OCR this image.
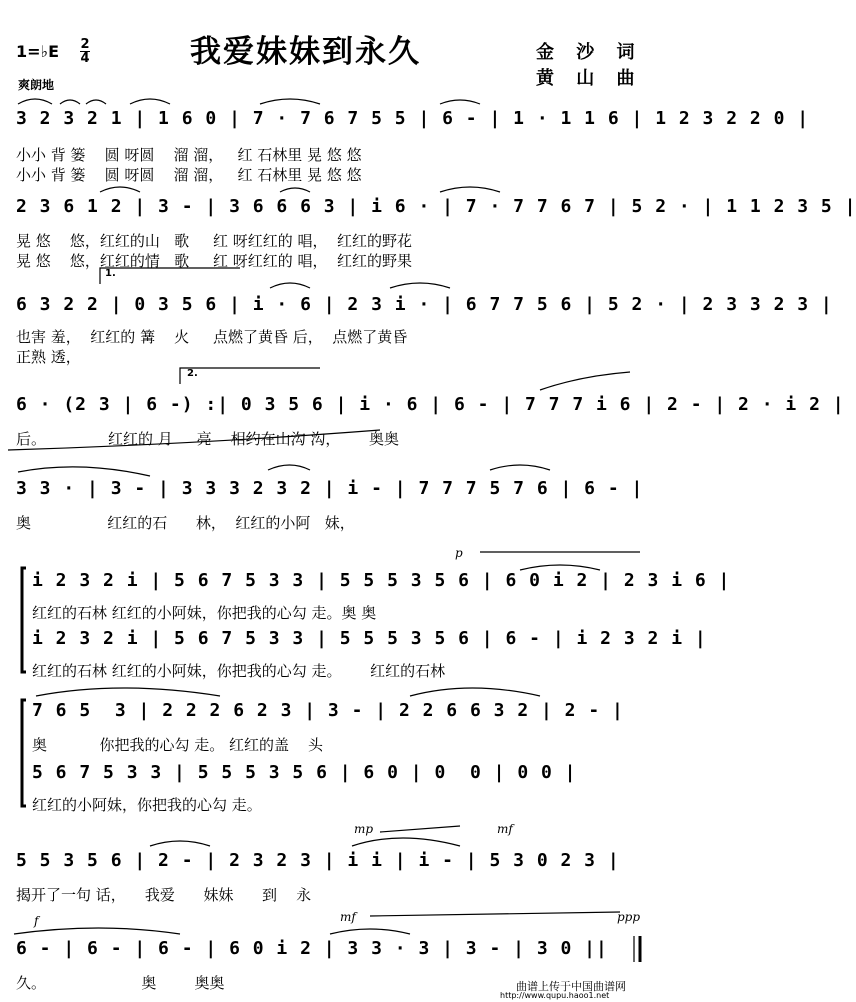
我爱妹妹到永久	金 沙 词
黄 山 曲
1=♭E 2
4
爽朗地
3 2 3 2 1 | 1 6 0 | 7 · 7 6 7 5 5 | 6 - | 1 · 1 1 6 | 1 2 3 2 2 0 |
小小 背 篓    圆 呀圆    溜 溜，   红 石林里 晃 悠 悠
小小 背 篓    圆 呀圆    溜 溜，   红 石林里 晃 悠 悠
2 3 6 1 2 | 3 - | 3 6 6 6 3 | i 6 · | 7 · 7 7 6 7 | 5 2 · | 1 1 2 3 5 |
晃 悠    悠，红红的山   歌     红 呀红红的 唱，  红红的野花
晃 悠    悠，红红的情   歌     红 呀红红的 唱，  红红的野果
1.
6 3 2 2 | 0 3 5 6 | i · 6 | 2 3 i · | 6 7 7 5 6 | 5 2 · | 2 3 3 2 3 |
也害 羞，  红红的 篝    火     点燃了黄昏 后，  点燃了黄昏
正熟 透，
2.
6 · (2 3 | 6 -) :| 0 3 5 6 | i · 6 | 6 - | 7 7 7 i 6 | 2 - | 2 · i 2 |
后。             红红的 月     亮    相约在山沟 沟，      奥奥
3 3 · | 3 - | 3 3 3 2 3 2 | i - | 7 7 7 5 7 6 | 6 - |
奥                红红的石      林，  红红的小阿   妹，
p
i 2 3 2 i | 5 6 7 5 3 3 | 5 5 5 3 5 6 | 6 0 i 2 | 2 3 i 6 |
红红的石林 红红的小阿妹，你把我的心勾 走。奥 奥
i 2 3 2 i | 5 6 7 5 3 3 | 5 5 5 3 5 6 | 6 - | i 2 3 2 i |
红红的石林 红红的小阿妹，你把我的心勾 走。      红红的石林
7 6 5  3 | 2 2 2 6 2 3 | 3 - | 2 2 6 6 3 2 | 2 - |
奥           你把我的心勾 走。 红红的盖    头
5 6 7 5 3 3 | 5 5 5 3 5 6 | 6 0 | 0  0 | 0 0 |
红红的小阿妹，你把我的心勾 走。
mp	mf
5 5 3 5 6 | 2 - | 2 3 2 3 | i i | i - | 5 3 0 2 3 |
揭开了一句 话，    我爱      妹妹      到    永
f	mf	ppp
6 - | 6 - | 6 - | 6 0 i 2 | 3 3 · 3 | 3 - | 3 0 ||
久。                    奥        奥奥	曲谱上传于中国曲谱网
http://www.qupu.haoo1.net
